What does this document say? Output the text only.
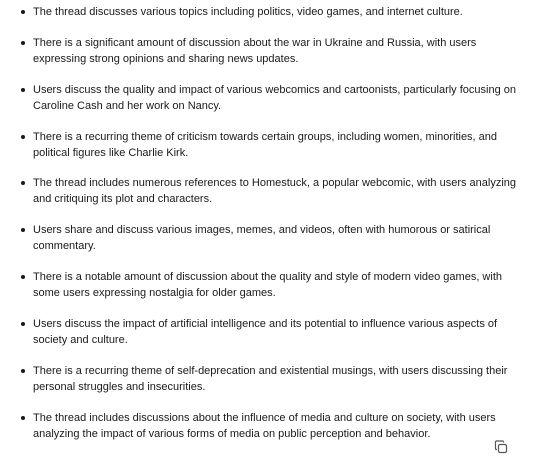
The thread discusses various topics including politics, video games, and internet culture.
There is a significant amount of discussion about the war in Ukraine and Russia, with users expressing strong opinions and sharing news updates.
Users discuss the quality and impact of various webcomics and cartoonists, particularly focusing on Caroline Cash and her work on Nancy.
There is a recurring theme of criticism towards certain groups, including women, minorities, and political figures like Charlie Kirk.
The thread includes numerous references to Homestuck, a popular webcomic, with users analyzing and critiquing its plot and characters.
Users share and discuss various images, memes, and videos, often with humorous or satirical commentary.
There is a notable amount of discussion about the quality and style of modern video games, with some users expressing nostalgia for older games.
Users discuss the impact of artificial intelligence and its potential to influence various aspects of society and culture.
There is a recurring theme of self-deprecation and existential musings, with users discussing their personal struggles and insecurities.
The thread includes discussions about the influence of media and culture on society, with users analyzing the impact of various forms of media on public perception and behavior.
